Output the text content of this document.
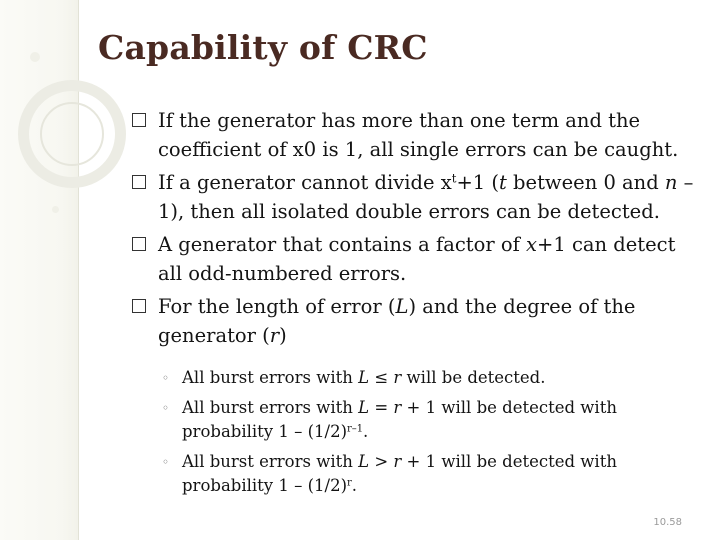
Capability of CRC

If the generator has more than one term and the coefficient of x0 is 1, all single errors can be caught.

If a generator cannot divide $x^t+1$ (t between 0 and n – 1), then all isolated double errors can be detected.

A generator that contains a factor of x+1 can detect all odd-numbered errors.

For the length of error (L) and the degree of the generator (r)

◦ All burst errors with L ≤ r will be detected.

◦ All burst errors with L = r + 1 will be detected with probability $1 - (1/2)^{r-1}$.

◦ All burst errors with L > r + 1 will be detected with probability $1 - (1/2)^r$.

10.58
